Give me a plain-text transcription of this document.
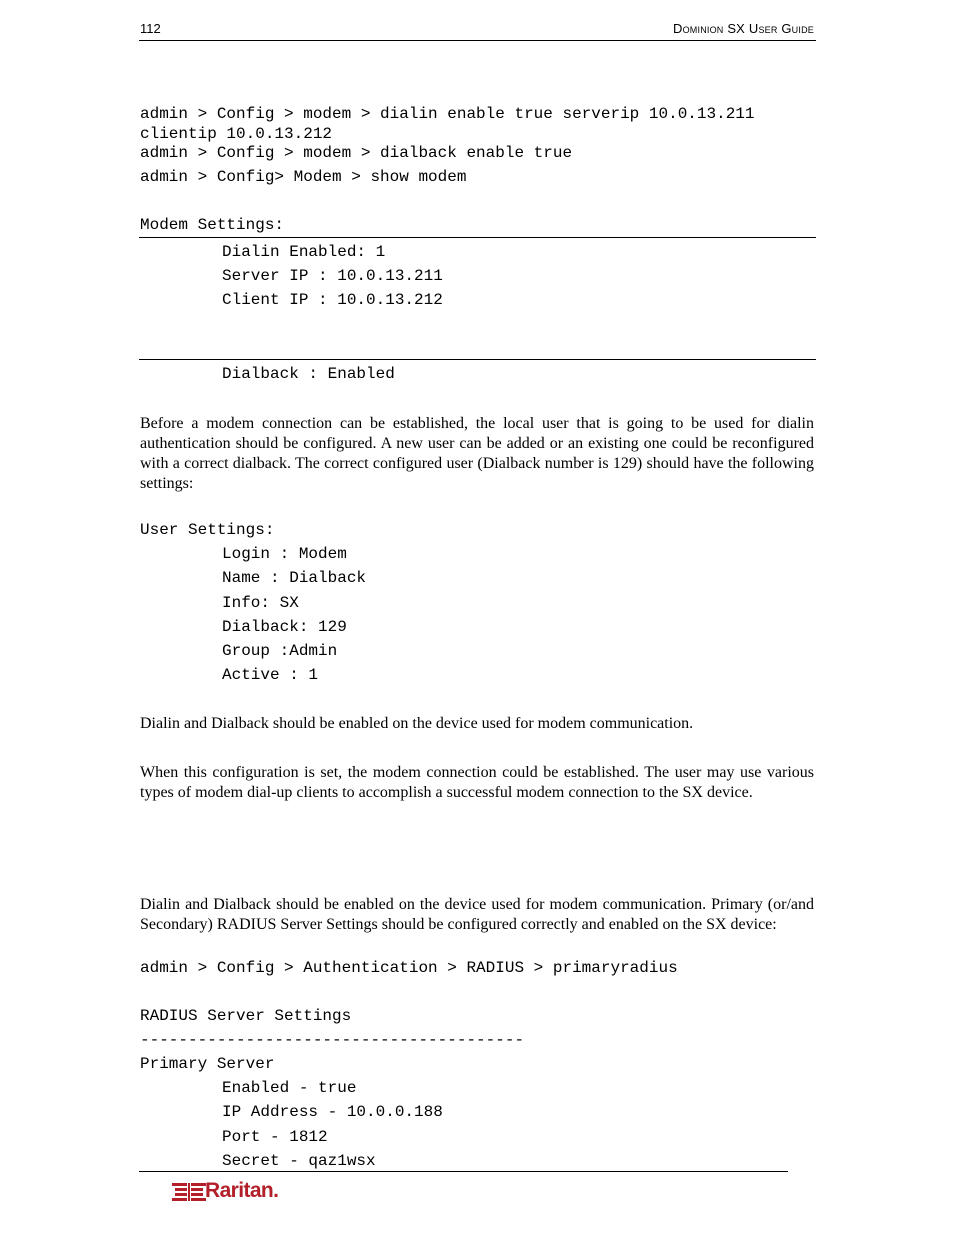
112	Dominion SX User Guide
admin > Config > modem > dialin enable true serverip 10.0.13.211
clientip 10.0.13.212
admin > Config > modem > dialback enable true
admin > Config> Modem > show modem
Modem Settings:
Dialin Enabled: 1
Server IP : 10.0.13.211
Client IP : 10.0.13.212
Dialback : Enabled
Before a modem connection can be established, the local user that is going to be used for dialin authentication should be configured. A new user can be added or an existing one could be reconfigured with a correct dialback. The correct configured user (Dialback number is 129) should have the following settings:
User Settings:
Login : Modem
Name : Dialback
Info: SX
Dialback: 129
Group :Admin
Active : 1
Dialin and Dialback should be enabled on the device used for modem communication.
When this configuration is set, the modem connection could be established. The user may use various types of modem dial-up clients to accomplish a successful modem connection to the SX device.
Dialin and Dialback should be enabled on the device used for modem communication. Primary (or/and Secondary) RADIUS Server Settings should be configured correctly and enabled on the SX device:
admin > Config > Authentication > RADIUS > primaryradius
RADIUS Server Settings
----------------------------------------
Primary Server
Enabled - true
IP Address - 10.0.0.188
Port - 1812
Secret - qaz1wsx
Raritan.
